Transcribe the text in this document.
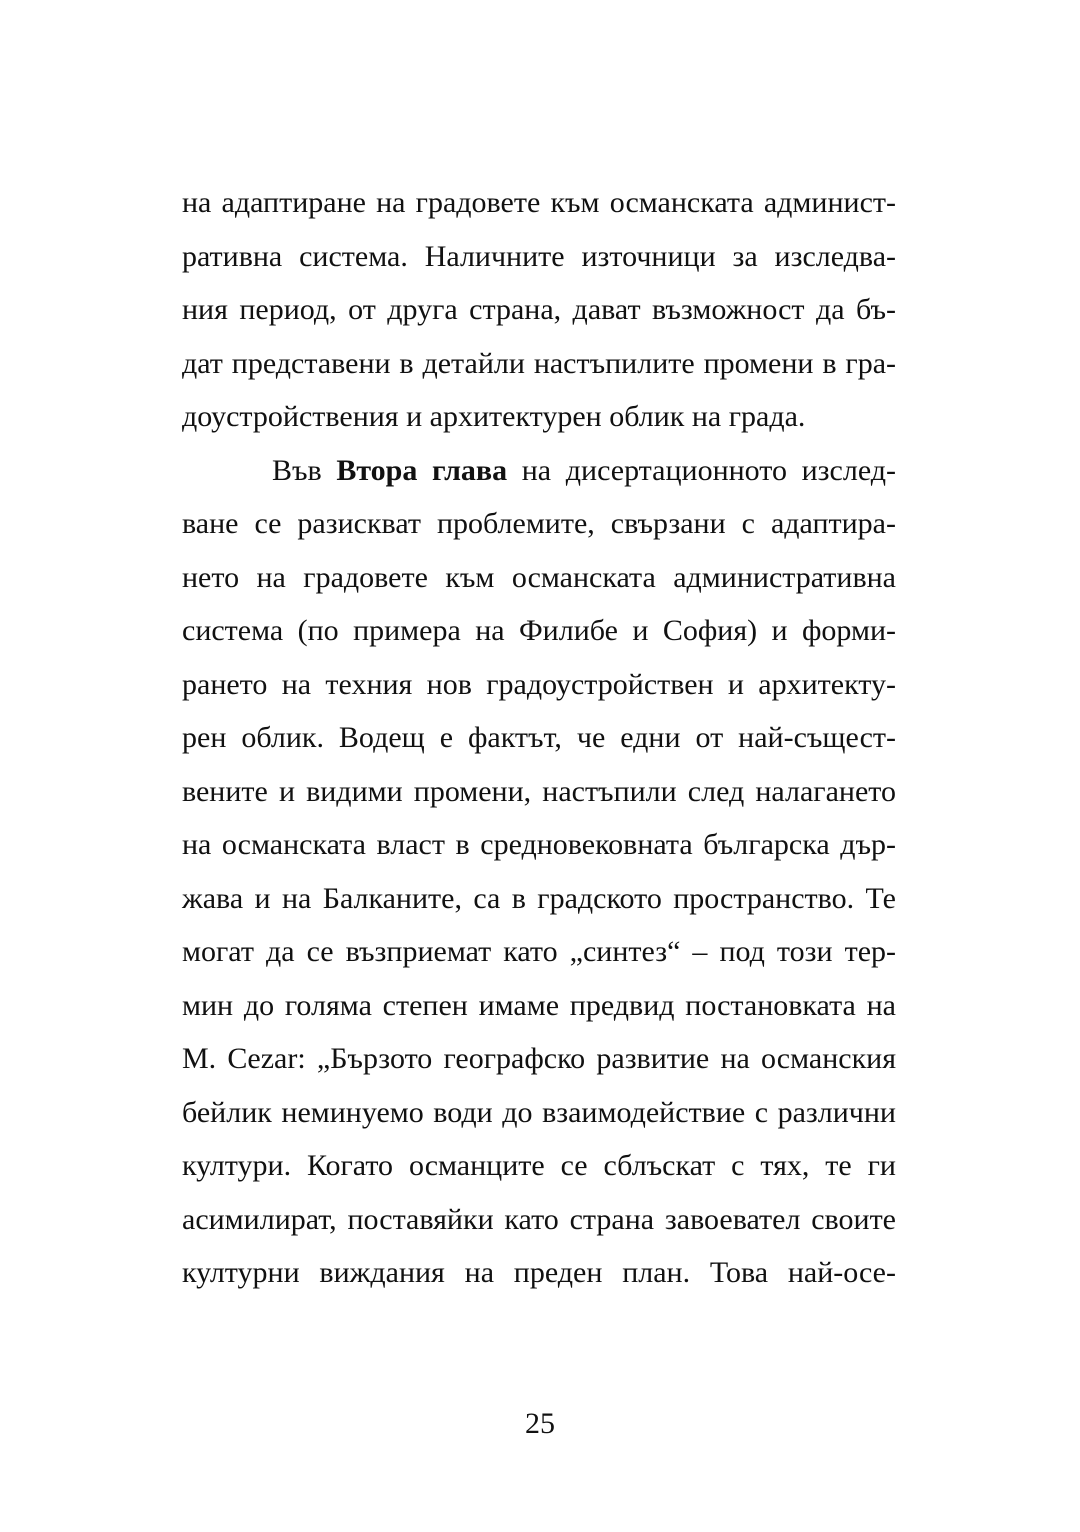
на адаптиране на градовете към османската админист-
ративна система. Наличните източници за изследва-
ния период, от друга страна, дават възможност да бъ-
дат представени в детайли настъпилите промени в гра-
доустройствения и архитектурен облик на града.
Във Втора глава на дисертационното изслед-
ване се разискват проблемите, свързани с адаптира-
нето на градовете към османската административна
система (по примера на Филибе и София) и форми-
рането на техния нов градоустройствен и архитекту-
рен облик. Водещ е фактът, че едни от най-същест-
вените и видими промени, настъпили след налагането
на османската власт в средновековната българска дър-
жава и на Балканите, са в градското пространство. Те
могат да се възприемат като „синтез“ – под този тер-
мин до голяма степен имаме предвид постановката на
M. Cezar: „Бързото географско развитие на османския
бейлик неминуемо води до взаимодействие с различни
култури. Когато османците се сблъскат с тях, те ги
асимилират, поставяйки като страна завоевател своите
културни виждания на преден план. Това най-осе-
25
